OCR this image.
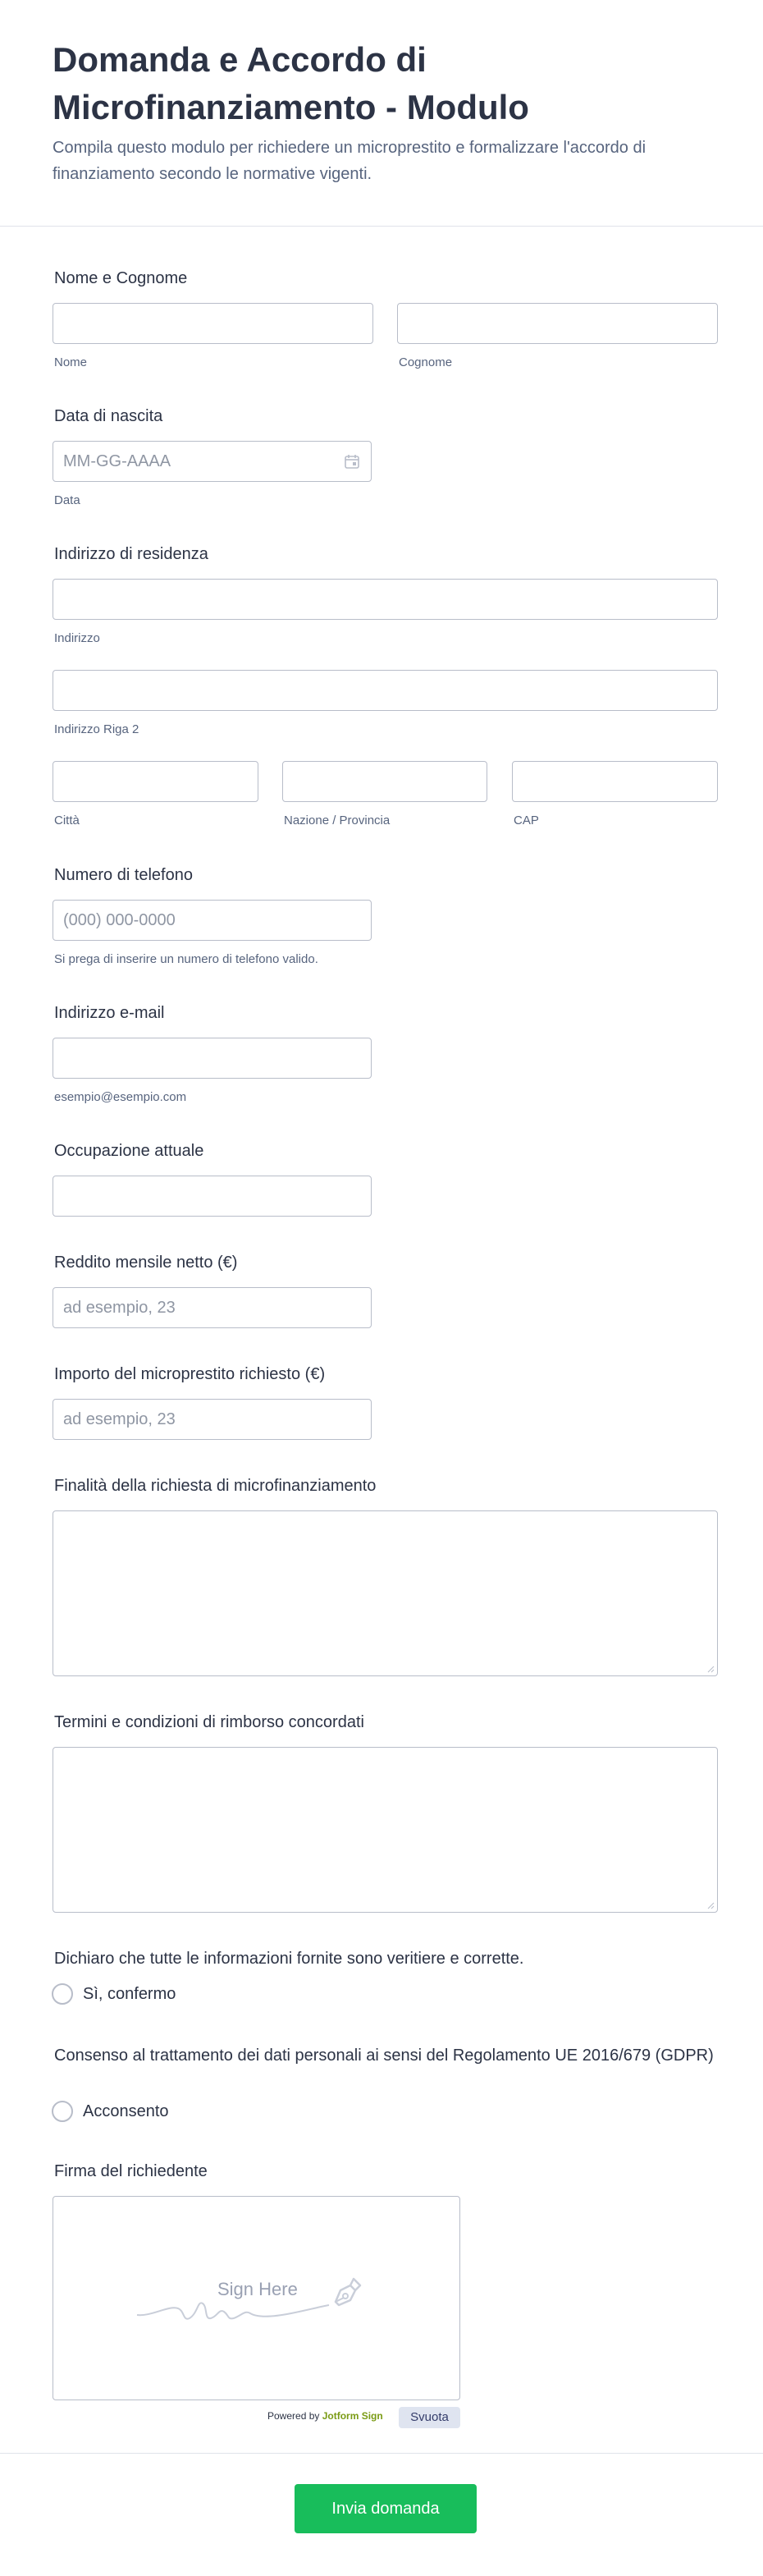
Domanda e Accordo di Microfinanziamento - Modulo

Compila questo modulo per richiedere un microprestito e formalizzare l'accordo di finanziamento secondo le normative vigenti.

Nome e Cognome
Nome	Cognome
Data di nascita
MM-GG-AAAA
Data
Indirizzo di residenza
Indirizzo
Indirizzo Riga 2
Città	Nazione / Provincia	CAP
Numero di telefono
(000) 000-0000
Si prega di inserire un numero di telefono valido.
Indirizzo e-mail
esempio@esempio.com
Occupazione attuale
Reddito mensile netto (€)
ad esempio, 23
Importo del microprestito richiesto (€)
ad esempio, 23
Finalità della richiesta di microfinanziamento
Termini e condizioni di rimborso concordati
Dichiaro che tutte le informazioni fornite sono veritiere e corrette.
Sì, confermo
Consenso al trattamento dei dati personali ai sensi del Regolamento UE 2016/679 (GDPR)
Acconsento
Firma del richiedente
Sign Here
Powered by Jotform Sign	Svuota
Invia domanda
